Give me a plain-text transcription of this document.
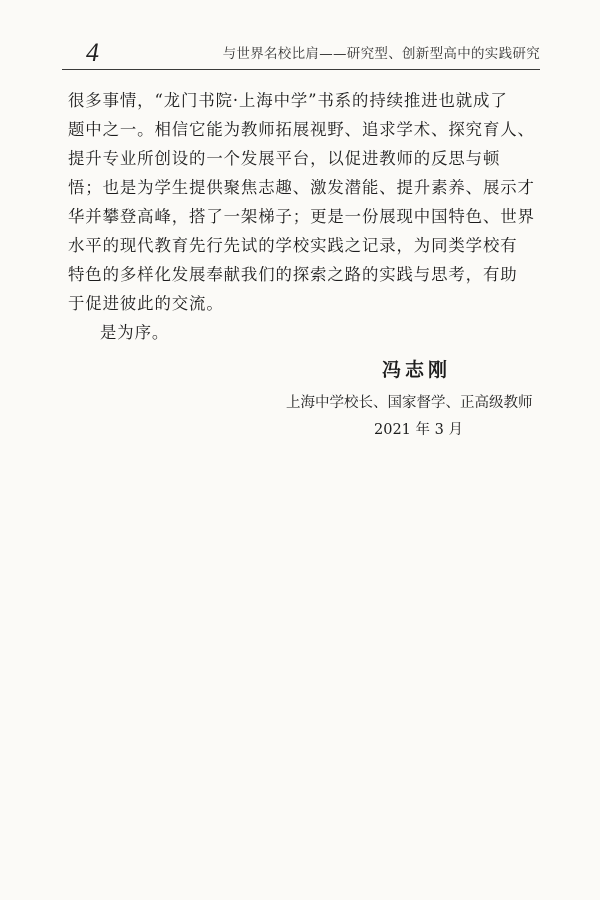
4	与世界名校比肩——研究型、创新型高中的实践研究
很多事情，“龙门书院·上海中学”书系的持续推进也就成了
题中之一。相信它能为教师拓展视野、追求学术、探究育人、
提升专业所创设的一个发展平台，以促进教师的反思与顿
悟；也是为学生提供聚焦志趣、激发潜能、提升素养、展示才
华并攀登高峰，搭了一架梯子；更是一份展现中国特色、世界
水平的现代教育先行先试的学校实践之记录，为同类学校有
特色的多样化发展奉献我们的探索之路的实践与思考，有助
于促进彼此的交流。
是为序。
冯志刚
上海中学校长、国家督学、正高级教师
2021 年 3 月
